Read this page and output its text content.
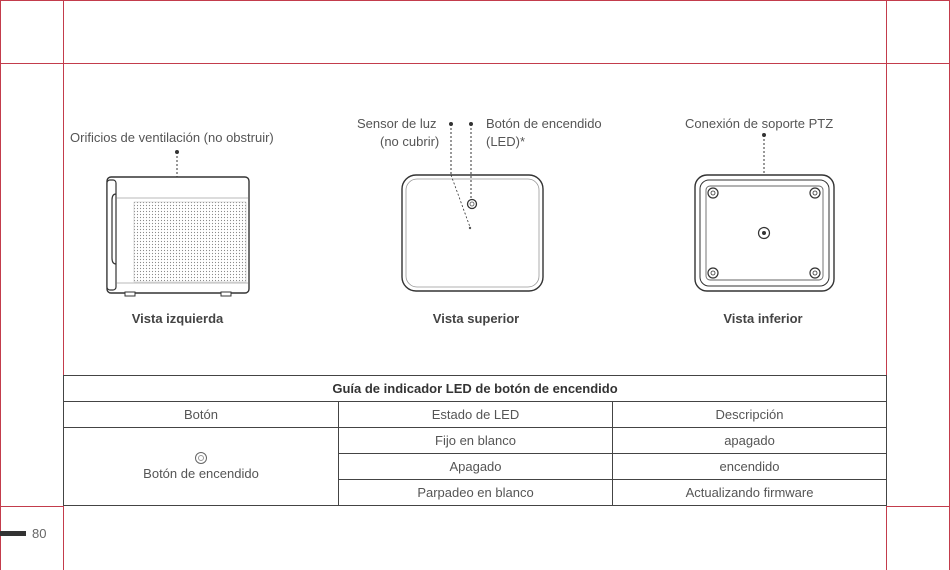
Orificios de ventilación (no obstruir)
Sensor de luz
(no cubrir)
Botón de encendido
(LED)*
Conexión de soporte PTZ
Vista izquierda	Vista superior	Vista inferior
Guía de indicador LED de botón de encendido		
Botón	Estado de LED	Descripción

Botón de encendido	Fijo en blanco	apagado
	Apagado	encendido
	Parpadeo en blanco	Actualizando firmware
80
